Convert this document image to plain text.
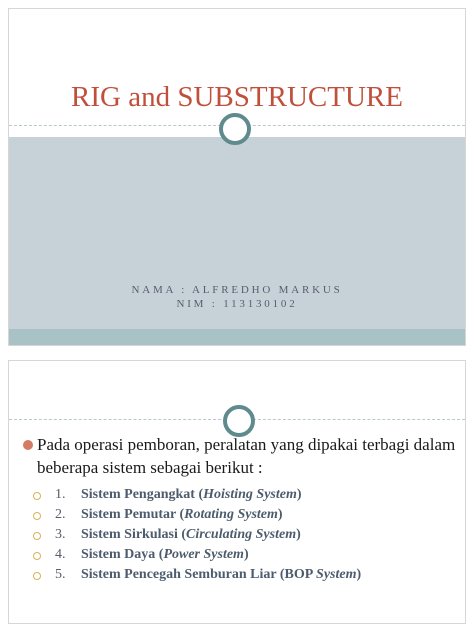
RIG and SUBSTRUCTURE
NAMA : ALFREDHO MARKUS
NIM : 113130102
Pada operasi pemboran, peralatan yang dipakai terbagi dalam beberapa sistem sebagai berikut :
1. Sistem Pengangkat (Hoisting System)
2. Sistem Pemutar (Rotating System)
3. Sistem Sirkulasi (Circulating System)
4. Sistem Daya (Power System)
5. Sistem Pencegah Semburan Liar (BOP System)
